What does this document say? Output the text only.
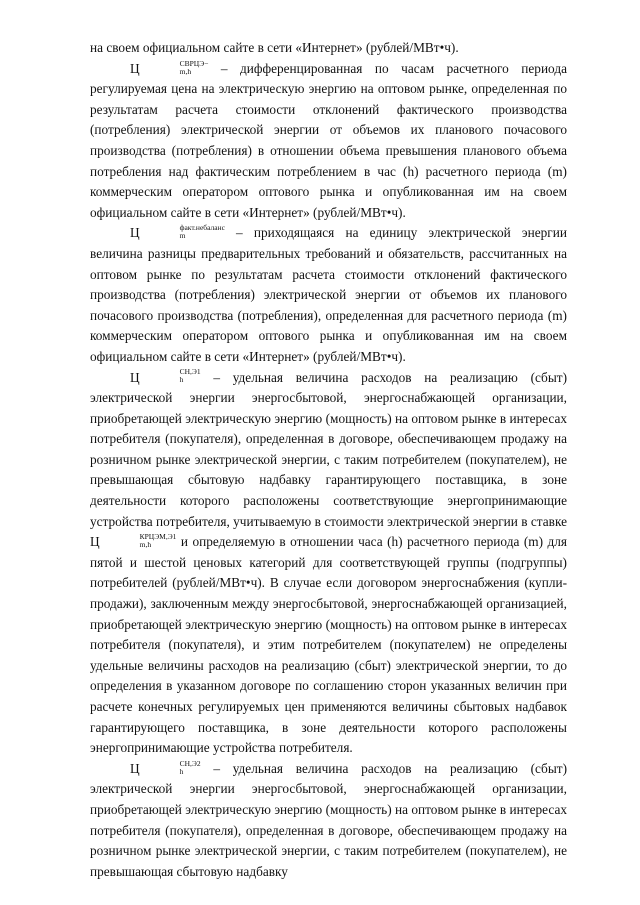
на своем официальном сайте в сети «Интернет» (рублей/МВт•ч).

Ц	СВРЦЭ−
m,h	– дифференцированная по часам расчетного периода регулируемая цена на электрическую энергию на оптовом рынке, определенная по результатам расчета стоимости отклонений фактического производства (потребления) электрической энергии от объемов их планового почасового производства (потребления) в отношении объема превышения планового объема потребления над фактическим потреблением в час (h) расчетного периода (m) коммерческим оператором оптового рынка и опубликованная им на своем официальном сайте в сети «Интернет» (рублей/МВт•ч).

Ц	факт.небаланс
m	– приходящаяся на единицу электрической энергии величина разницы предварительных требований и обязательств, рассчитанных на оптовом рынке по результатам расчета стоимости отклонений фактического производства (потребления) электрической энергии от объемов их планового почасового производства (потребления), определенная для расчетного периода (m) коммерческим оператором оптового рынка и опубликованная им на своем официальном сайте в сети «Интернет» (рублей/МВт•ч).

Ц	СН,Э1
h	– удельная величина расходов на реализацию (сбыт) электрической энергии энергосбытовой, энергоснабжающей организации, приобретающей электрическую энергию (мощность) на оптовом рынке в интересах потребителя (покупателя), определенная в договоре, обеспечивающем продажу на розничном рынке электрической энергии, с таким потребителем (покупателем), не превышающая сбытовую надбавку гарантирующего поставщика, в зоне деятельности которого расположены соответствующие энергопринимающие устройства потребителя, учитываемую в стоимости электрической энергии в ставке Ц	КРЦЭМ,Э1
m,h	и определяемую в отношении часа (h) расчетного периода (m) для пятой и шестой ценовых категорий для соответствующей группы (подгруппы) потребителей (рублей/МВт•ч). В случае если договором энергоснабжения (купли-продажи), заключенным между энергосбытовой, энергоснабжающей организацией, приобретающей электрическую энергию (мощность) на оптовом рынке в интересах потребителя (покупателя), и этим потребителем (покупателем) не определены удельные величины расходов на реализацию (сбыт) электрической энергии, то до определения в указанном договоре по соглашению сторон указанных величин при расчете конечных регулируемых цен применяются величины сбытовых надбавок гарантирующего поставщика, в зоне деятельности которого расположены энергопринимающие устройства потребителя.

Ц	СН,Э2
h	– удельная величина расходов на реализацию (сбыт) электрической энергии энергосбытовой, энергоснабжающей организации, приобретающей электрическую энергию (мощность) на оптовом рынке в интересах потребителя (покупателя), определенная в договоре, обеспечивающем продажу на розничном рынке электрической энергии, с таким потребителем (покупателем), не превышающая сбытовую надбавку
